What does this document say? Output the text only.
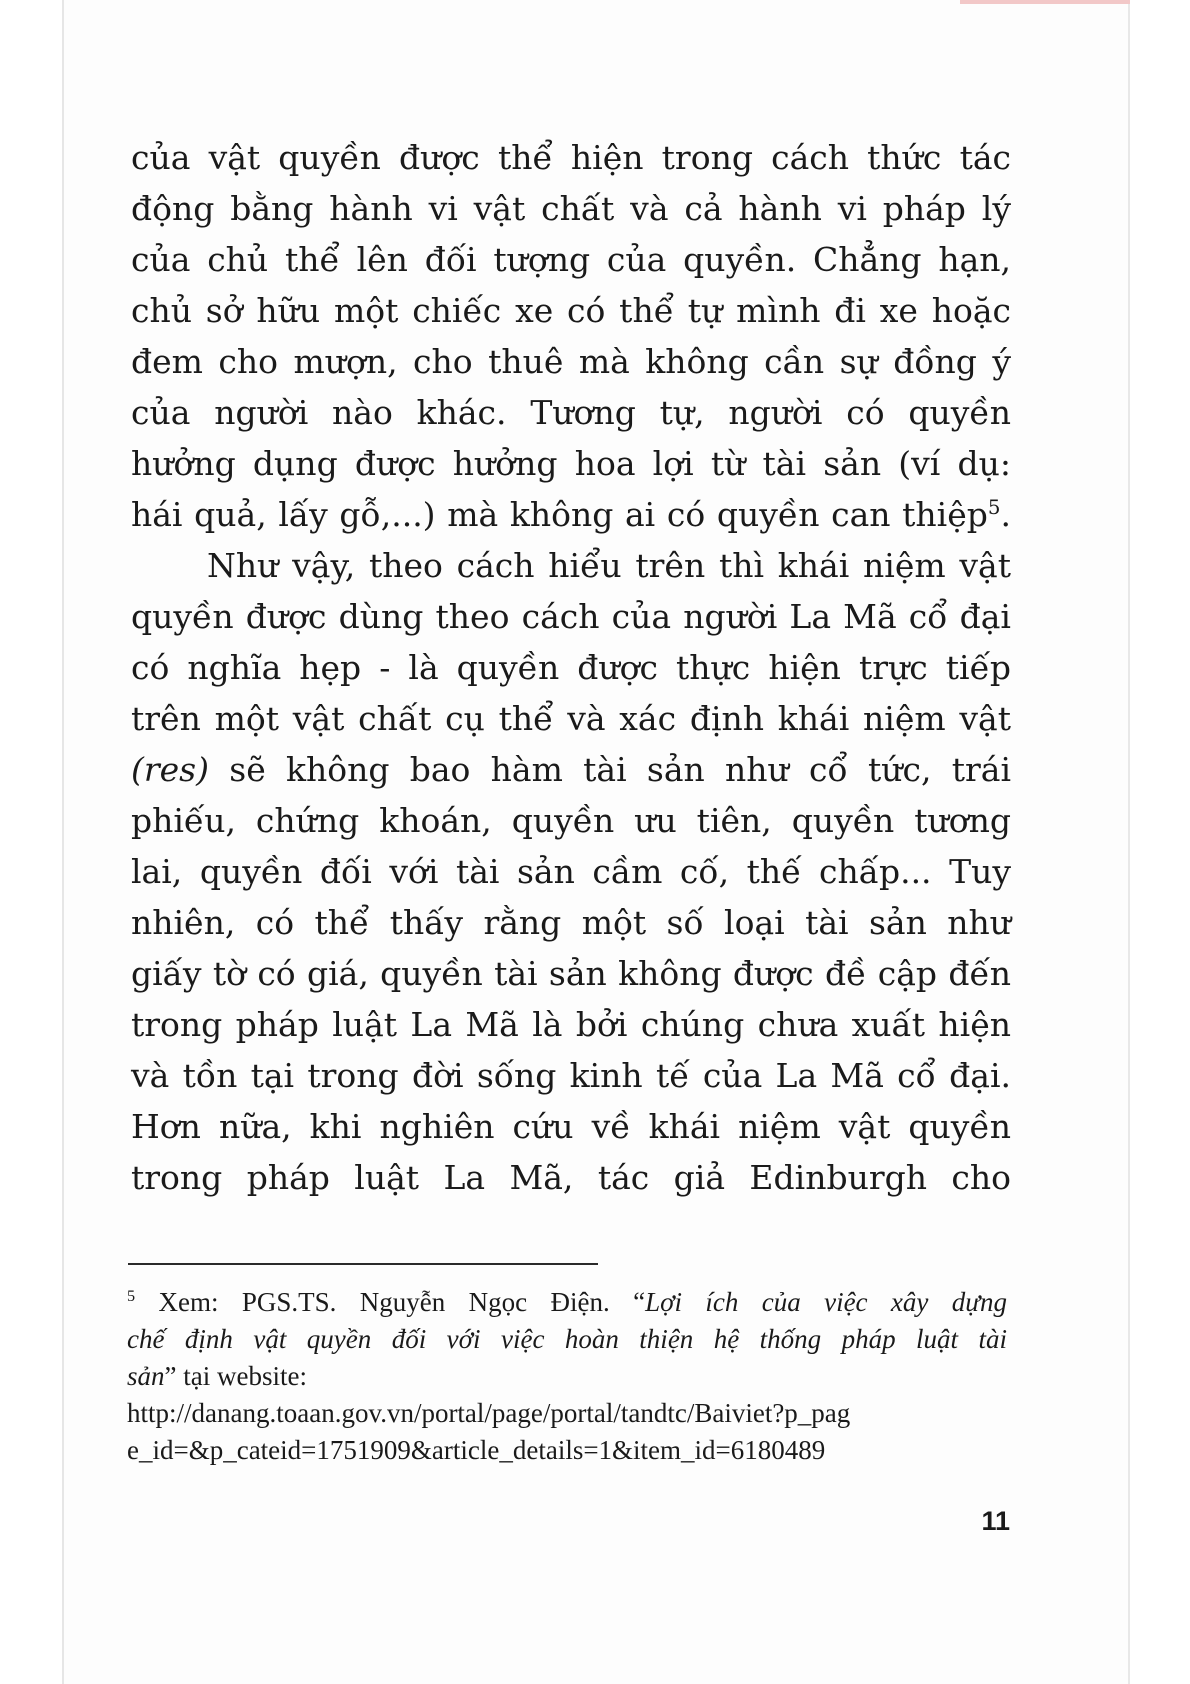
của vật quyền được thể hiện trong cách thức tác
động bằng hành vi vật chất và cả hành vi pháp lý
của chủ thể lên đối tượng của quyền. Chẳng hạn,
chủ sở hữu một chiếc xe có thể tự mình đi xe hoặc
đem cho mượn, cho thuê mà không cần sự đồng ý
của người nào khác. Tương tự, người có quyền
hưởng dụng được hưởng hoa lợi từ tài sản (ví dụ:
hái quả, lấy gỗ,...) mà không ai có quyền can thiệp$^5$.
Như vậy, theo cách hiểu trên thì khái niệm vật
quyền được dùng theo cách của người La Mã cổ đại
có nghĩa hẹp - là quyền được thực hiện trực tiếp
trên một vật chất cụ thể và xác định khái niệm vật
(res) sẽ không bao hàm tài sản như cổ tức, trái
phiếu, chứng khoán, quyền ưu tiên, quyền tương
lai, quyền đối với tài sản cầm cố, thế chấp... Tuy
nhiên, có thể thấy rằng một số loại tài sản như
giấy tờ có giá, quyền tài sản không được đề cập đến
trong pháp luật La Mã là bởi chúng chưa xuất hiện
và tồn tại trong đời sống kinh tế của La Mã cổ đại.
Hơn nữa, khi nghiên cứu về khái niệm vật quyền
trong pháp luật La Mã, tác giả Edinburgh cho
$^5$ Xem: PGS.TS. Nguyễn Ngọc Điện. “Lợi ích của việc xây dựng
chế định vật quyền đối với việc hoàn thiện hệ thống pháp luật tài
sản” tại website:
http://danang.toaan.gov.vn/portal/page/portal/tandtc/Baiviet?p_pag
e_id=&p_cateid=1751909&article_details=1&item_id=6180489
11
